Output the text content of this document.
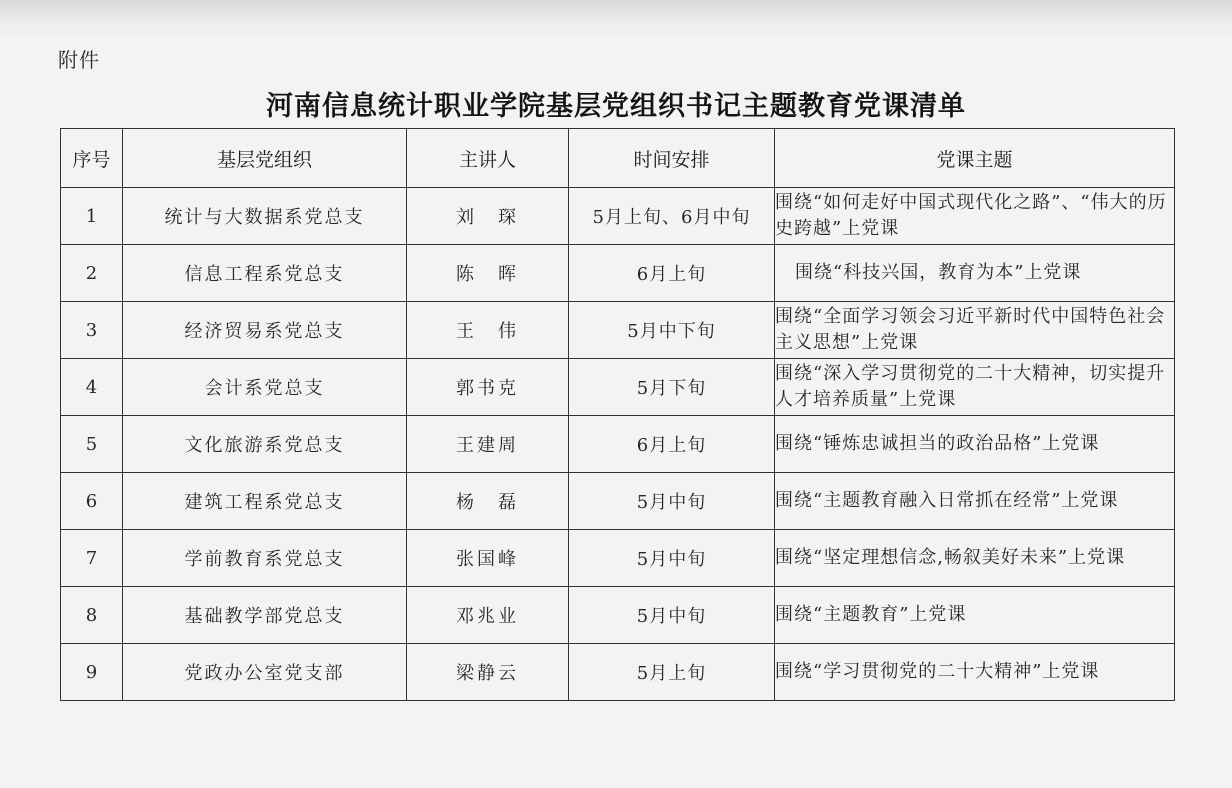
附件
河南信息统计职业学院基层党组织书记主题教育党课清单
序号	基层党组织	主讲人	时间安排	党课主题
1	统计与大数据系党总支	刘　琛	5月上旬、6月中旬	围绕“如何走好中国式现代化之路”、“伟大的历史跨越”上党课
2	信息工程系党总支	陈　晖	6月上旬	围绕“科技兴国，教育为本”上党课
3	经济贸易系党总支	王　伟	5月中下旬	围绕“全面学习领会习近平新时代中国特色社会主义思想”上党课
4	会计系党总支	郭书克	5月下旬	围绕“深入学习贯彻党的二十大精神，切实提升人才培养质量”上党课
5	文化旅游系党总支	王建周	6月上旬	围绕“锤炼忠诚担当的政治品格”上党课
6	建筑工程系党总支	杨　磊	5月中旬	围绕“主题教育融入日常抓在经常”上党课
7	学前教育系党总支	张国峰	5月中旬	围绕“坚定理想信念,畅叙美好未来”上党课
8	基础教学部党总支	邓兆业	5月中旬	围绕“主题教育”上党课
9	党政办公室党支部	梁静云	5月上旬	围绕“学习贯彻党的二十大精神”上党课
